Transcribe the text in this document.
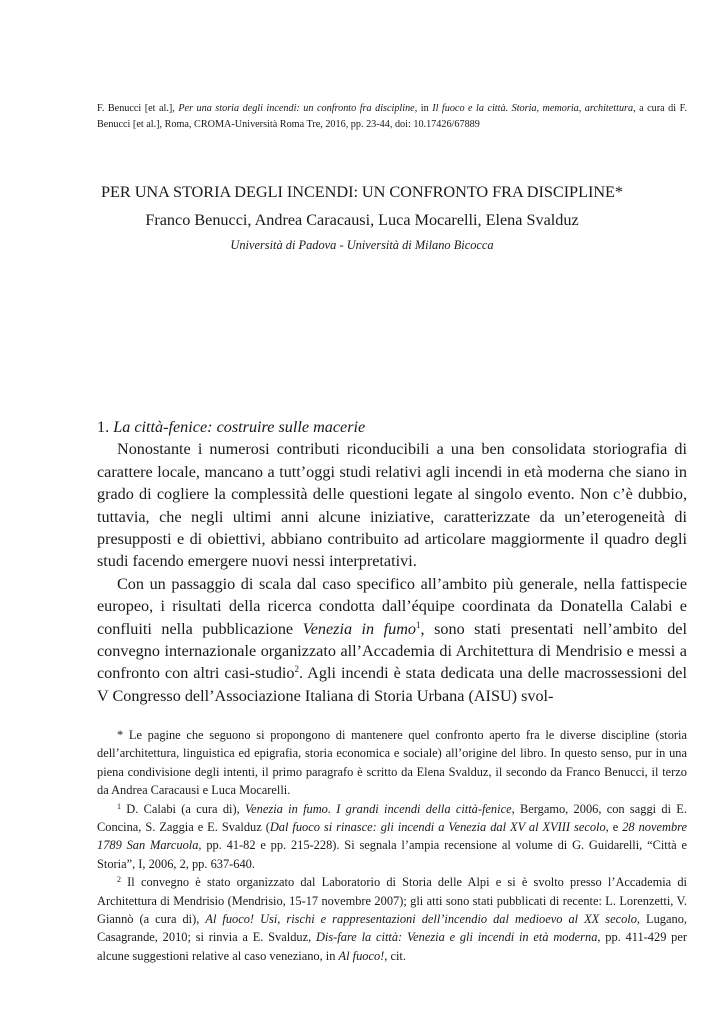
F. Benucci [et al.], Per una storia degli incendi: un confronto fra discipline, in Il fuoco e la città. Storia, memoria, architettura, a cura di F. Benucci [et al.], Roma, CROMA-Università Roma Tre, 2016, pp. 23-44, doi: 10.17426/67889
PER UNA STORIA DEGLI INCENDI: UN CONFRONTO FRA DISCIPLINE*
Franco Benucci, Andrea Caracausi, Luca Mocarelli, Elena Svalduz
Università di Padova - Università di Milano Bicocca
1. La città-fenice: costruire sulle macerie

Nonostante i numerosi contributi riconducibili a una ben consolidata storiografia di carattere locale, mancano a tutt’oggi studi relativi agli incendi in età moderna che siano in grado di cogliere la complessità delle questioni legate al singolo evento. Non c’è dubbio, tuttavia, che negli ultimi anni alcune iniziative, caratterizzate da un’eterogeneità di presupposti e di obiettivi, abbiano contribuito ad articolare maggiormente il quadro degli studi facendo emergere nuovi nessi interpretativi.

Con un passaggio di scala dal caso specifico all’ambito più generale, nella fattispecie europeo, i risultati della ricerca condotta dall’équipe coordinata da Donatella Calabi e confluiti nella pubblicazione Venezia in fumo$^1$, sono stati presentati nell’ambito del convegno internazionale organizzato all’Accademia di Architettura di Mendrisio e messi a confronto con altri casi-studio$^2$. Agli incendi è stata dedicata una delle macrossessioni del V Congresso dell’Associazione Italiana di Storia Urbana (AISU) svol-

* Le pagine che seguono si propongono di mantenere quel confronto aperto fra le diverse discipline (storia dell’architettura, linguistica ed epigrafia, storia economica e sociale) all’origine del libro. In questo senso, pur in una piena condivisione degli intenti, il primo paragrafo è scritto da Elena Svalduz, il secondo da Franco Benucci, il terzo da Andrea Caracausi e Luca Mocarelli.

$^1$ D. Calabi (a cura di), Venezia in fumo. I grandi incendi della città-fenice, Bergamo, 2006, con saggi di E. Concina, S. Zaggia e E. Svalduz (Dal fuoco si rinasce: gli incendi a Venezia dal XV al XVIII secolo, e 28 novembre 1789 San Marcuola, pp. 41-82 e pp. 215-228). Si segnala l’ampia recensione al volume di G. Guidarelli, “Città e Storia”, I, 2006, 2, pp. 637-640.

$^2$ Il convegno è stato organizzato dal Laboratorio di Storia delle Alpi e si è svolto presso l’Accademia di Architettura di Mendrisio (Mendrisio, 15-17 novembre 2007); gli atti sono stati pubblicati di recente: L. Lorenzetti, V. Giannò (a cura di), Al fuoco! Usi, rischi e rappresentazioni dell’incendio dal medioevo al XX secolo, Lugano, Casagrande, 2010; si rinvia a E. Svalduz, Dis-fare la città: Venezia e gli incendi in età moderna, pp. 411-429 per alcune suggestioni relative al caso veneziano, in Al fuoco!, cit.
